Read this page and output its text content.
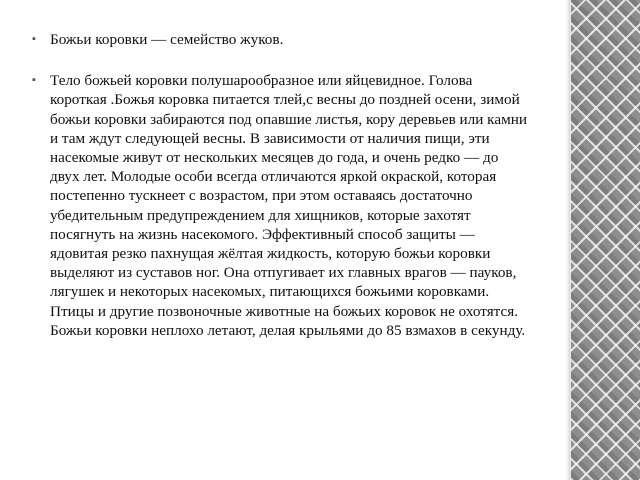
▪ Божьи коровки — семейство жуков.

▪ Тело божьей коровки полушарообразное или яйцевидное. Голова короткая .Божья коровка питается тлей,с весны до поздней осени, зимой божьи коровки забираются под опавшие листья, кору деревьев или камни и там ждут следующей весны. В зависимости от наличия пищи, эти насекомые живут от нескольких месяцев до года, и очень редко — до двух лет. Молодые особи всегда отличаются яркой окраской, которая постепенно тускнеет с возрастом, при этом оставаясь достаточно убедительным предупреждением для хищников, которые захотят посягнуть на жизнь насекомого. Эффективный способ защиты — ядовитая резко пахнущая жёлтая жидкость, которую божьи коровки выделяют из суставов ног. Она отпугивает их главных врагов — пауков, лягушек и некоторых насекомых, питающихся божьими коровками. Птицы и другие позвоночные животные на божьих коровок не охотятся. Божьи коровки неплохо летают, делая крыльями до 85 взмахов в секунду.
